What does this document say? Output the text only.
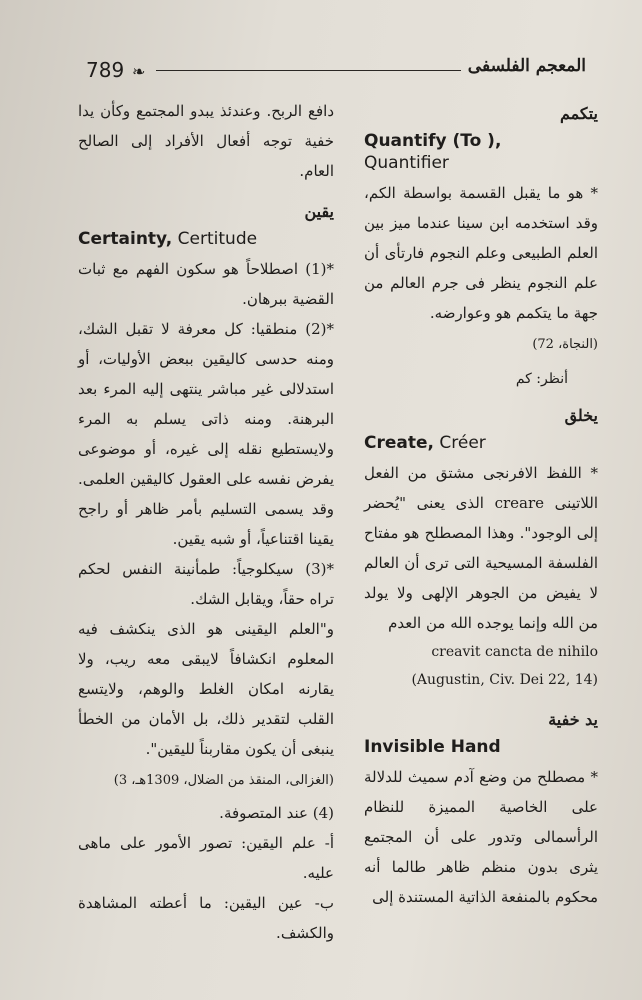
789 ❧	المعجم الفلسفى

يتكمم

Quantify (To ),
Quantifier

* هو ما يقبل القسمة بواسطة الكم، وقد استخدمه ابن سينا عندما ميز بين العلم الطبيعى وعلم النجوم فارتأى أن علم النجوم ينظر فى جرم العالم من جهة ما يتكمم هو وعوارضه.

(النجاة، 72)

أنظر: كم

يخلق

Create, Créer

* اللفظ الافرنجى مشتق من الفعل اللاتينى creare الذى يعنى "يُحضر إلى الوجود". وهذا المصطلح هو مفتاح الفلسفة المسيحية التى ترى أن العالم لا يفيض من الجوهر الإلهى ولا يولد من الله وإنما يوجده الله من العدم

creavit cancta de nihilo

(Augustin, Civ. Dei 22, 14)

يد خفية

Invisible Hand

* مصطلح من وضع آدم سميث للدلالة على الخاصية المميزة للنظام الرأسمالى وتدور على أن المجتمع يثرى بدون منظم ظاهر طالما أنه محكوم بالمنفعة الذاتية المستندة إلى

دافع الربح. وعندئذ يبدو المجتمع وكأن يدا خفية توجه أفعال الأفراد إلى الصالح العام.

يقين

Certainty, Certitude

*(1) اصطلاحاً هو سكون الفهم مع ثبات القضية ببرهان.

*(2) منطقيا: كل معرفة لا تقبل الشك، ومنه حدسى كاليقين ببعض الأوليات، أو استدلالى غير مباشر ينتهى إليه المرء بعد البرهنة. ومنه ذاتى يسلم به المرء ولايستطيع نقله إلى غيره، أو موضوعى يفرض نفسه على العقول كاليقين العلمى. وقد يسمى التسليم بأمر ظاهر أو راجح يقينا اقتناعياً، أو شبه يقين.

*(3) سيكلوجياً: طمأنينة النفس لحكم تراه حقاً، ويقابل الشك.

و"العلم اليقينى هو الذى ينكشف فيه المعلوم انكشافاً لايبقى معه ريب، ولا يقارنه امكان الغلط والوهم، ولايتسع القلب لتقدير ذلك، بل الأمان من الخطأ ينبغى أن يكون مقاربناً لليقين".

(الغزالى، المنقذ من الضلال، 1309هـ، 3)

(4) عند المتصوفة.

أ- علم اليقين: تصور الأمور على ماهى عليه.

ب- عين اليقين: ما أعطته المشاهدة والكشف.
